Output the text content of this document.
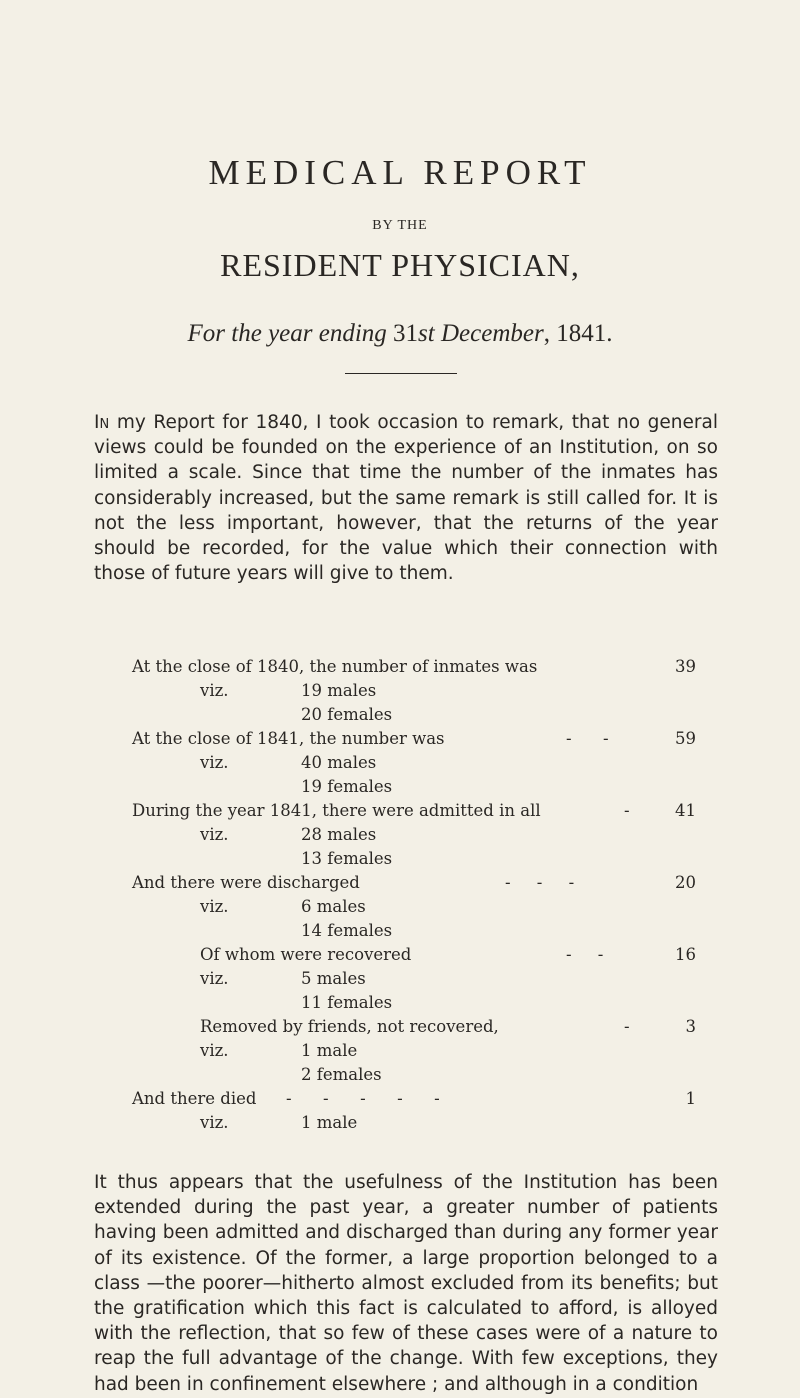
MEDICAL REPORT
BY THE
RESIDENT PHYSICIAN,
For the year ending 31st December, 1841.
In my Report for 1840, I took occasion to remark, that no general views could be founded on the experience of an Institution, on so limited a scale. Since that time the number of the inmates has considerably increased, but the same remark is still called for. It is not the less important, however, that the returns of the year should be recorded, for the value which their connection with those of future years will give to them.
At the close of 1840, the number of inmates was	39
viz.	19 males
20 females
At the close of 1841, the number was	-      -	59
viz.	40 males
19 females
During the year 1841, there were admitted in all	-	41
viz.	28 males
13 females
And there were discharged	-     -     -	20
viz.	6 males
14 females
Of whom were recovered	-     -	16
viz.	5 males
11 females
Removed by friends, not recovered,	-	3
viz.	1 male
2 females
And there died -      -      -      -      -	1
viz.	1 male
It thus appears that the usefulness of the Institution has been extended during the past year, a greater number of patients having been admitted and discharged than during any former year of its existence. Of the former, a large proportion belonged to a class —the poorer—hitherto almost excluded from its benefits; but the gratification which this fact is calculated to afford, is alloyed with the reflection, that so few of these cases were of a nature to reap the full advantage of the change. With few exceptions, they had been in confinement elsewhere ; and although in a condition
